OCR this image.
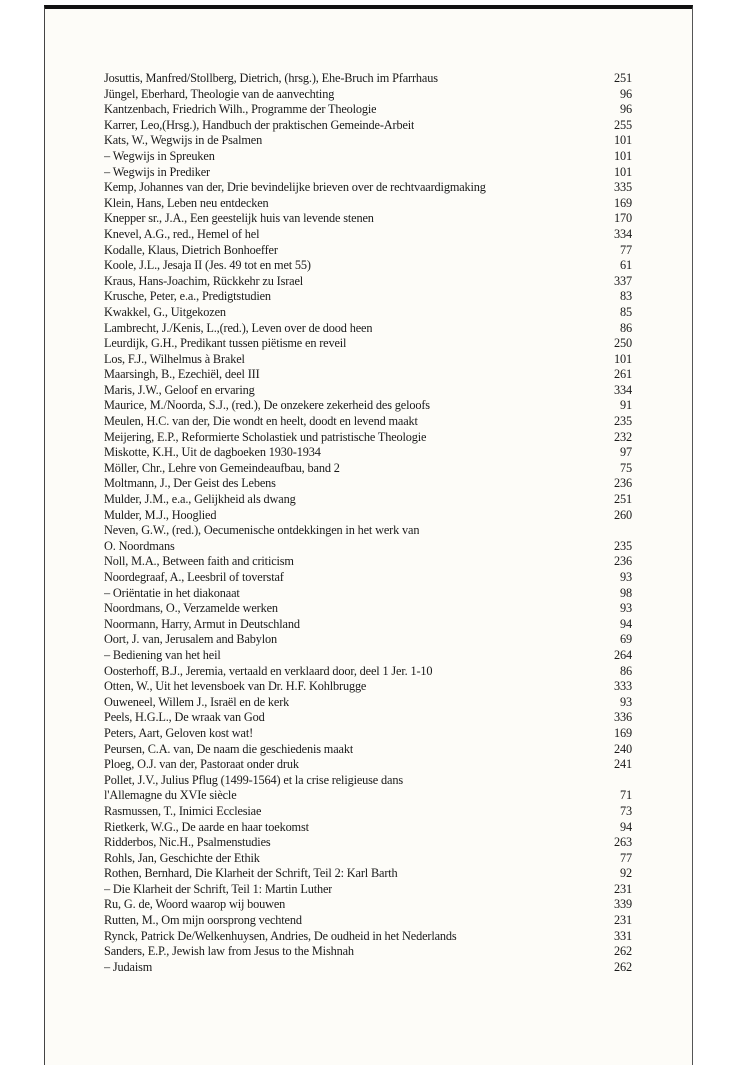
Josuttis, Manfred/Stollberg, Dietrich, (hrsg.), Ehe-Bruch im Pfarrhaus	251
Jüngel, Eberhard, Theologie van de aanvechting	96
Kantzenbach, Friedrich Wilh., Programme der Theologie	96
Karrer, Leo,(Hrsg.), Handbuch der praktischen Gemeinde-Arbeit	255
Kats, W., Wegwijs in de Psalmen	101
– Wegwijs in Spreuken	101
– Wegwijs in Prediker	101
Kemp, Johannes van der, Drie bevindelijke brieven over de rechtvaardigmaking	335
Klein, Hans, Leben neu entdecken	169
Knepper sr., J.A., Een geestelijk huis van levende stenen	170
Knevel, A.G., red., Hemel of hel	334
Kodalle, Klaus, Dietrich Bonhoeffer	77
Koole, J.L., Jesaja II (Jes. 49 tot en met 55)	61
Kraus, Hans-Joachim, Rückkehr zu Israel	337
Krusche, Peter, e.a., Predigtstudien	83
Kwakkel, G., Uitgekozen	85
Lambrecht, J./Kenis, L.,(red.), Leven over de dood heen	86
Leurdijk, G.H., Predikant tussen piëtisme en reveil	250
Los, F.J., Wilhelmus à Brakel	101
Maarsingh, B., Ezechiël, deel III	261
Maris, J.W., Geloof en ervaring	334
Maurice, M./Noorda, S.J., (red.), De onzekere zekerheid des geloofs	91
Meulen, H.C. van der, Die wondt en heelt, doodt en levend maakt	235
Meijering, E.P., Reformierte Scholastiek und patristische Theologie	232
Miskotte, K.H., Uit de dagboeken 1930-1934	97
Möller, Chr., Lehre von Gemeindeaufbau, band 2	75
Moltmann, J., Der Geist des Lebens	236
Mulder, J.M., e.a., Gelijkheid als dwang	251
Mulder, M.J., Hooglied	260
Neven, G.W., (red.), Oecumenische ontdekkingen in het werk van
O. Noordmans	235
Noll, M.A., Between faith and criticism	236
Noordegraaf, A., Leesbril of toverstaf	93
– Oriëntatie in het diakonaat	98
Noordmans, O., Verzamelde werken	93
Noormann, Harry, Armut in Deutschland	94
Oort, J. van, Jerusalem and Babylon	69
– Bediening van het heil	264
Oosterhoff, B.J., Jeremia, vertaald en verklaard door, deel 1 Jer. 1-10	86
Otten, W., Uit het levensboek van Dr. H.F. Kohlbrugge	333
Ouweneel, Willem J., Israël en de kerk	93
Peels, H.G.L., De wraak van God	336
Peters, Aart, Geloven kost wat!	169
Peursen, C.A. van, De naam die geschiedenis maakt	240
Ploeg, O.J. van der, Pastoraat onder druk	241
Pollet, J.V., Julius Pflug (1499-1564) et la crise religieuse dans
l'Allemagne du XVIe siècle	71
Rasmussen, T., Inimici Ecclesiae	73
Rietkerk, W.G., De aarde en haar toekomst	94
Ridderbos, Nic.H., Psalmenstudies	263
Rohls, Jan, Geschichte der Ethik	77
Rothen, Bernhard, Die Klarheit der Schrift, Teil 2: Karl Barth	92
– Die Klarheit der Schrift, Teil 1: Martin Luther	231
Ru, G. de, Woord waarop wij bouwen	339
Rutten, M., Om mijn oorsprong vechtend	231
Rynck, Patrick De/Welkenhuysen, Andries, De oudheid in het Nederlands	331
Sanders, E.P., Jewish law from Jesus to the Mishnah	262
– Judaism	262
